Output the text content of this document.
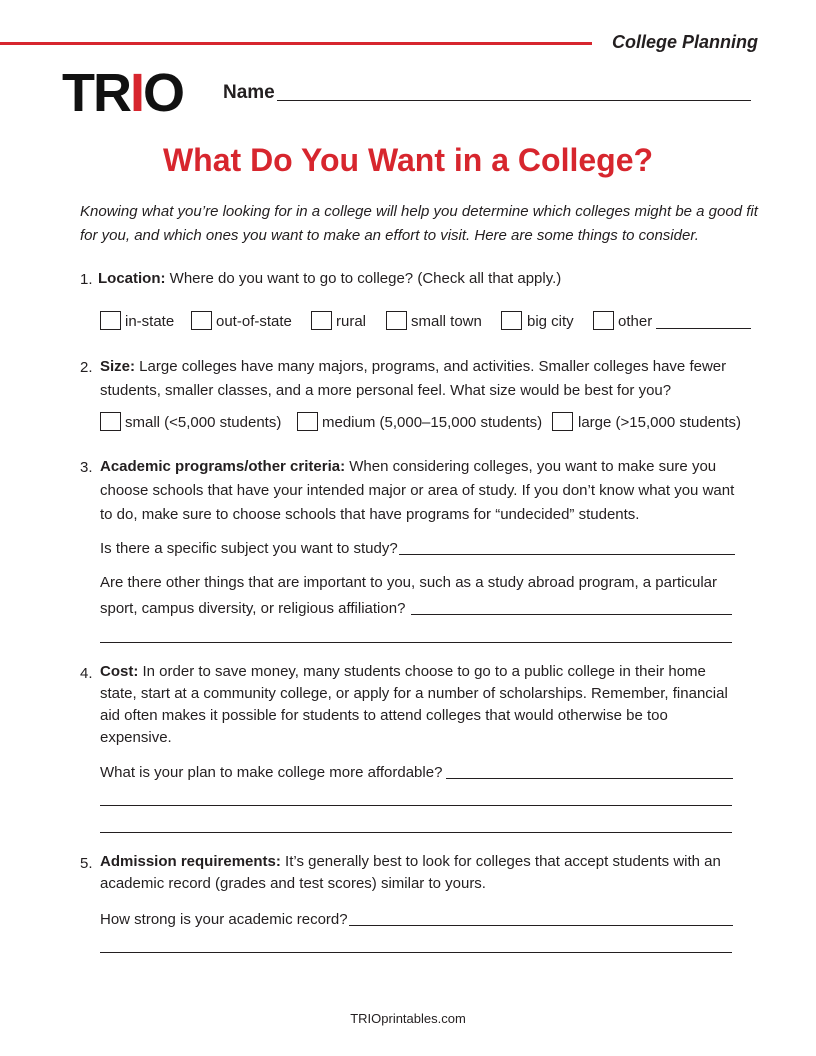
College Planning
TRIO Name
What Do You Want in a College?
Knowing what you’re looking for in a college will help you determine which colleges might be a good fit for you, and which ones you want to make an effort to visit. Here are some things to consider.
1. Location: Where do you want to go to college? (Check all that apply.)
in-state	out-of-state	rural	small town	big city	other
2. Size: Large colleges have many majors, programs, and activities. Smaller colleges have fewer students, smaller classes, and a more personal feel. What size would be best for you?
small (<5,000 students)	medium (5,000–15,000 students) large (>15,000 students)
3. Academic programs/other criteria: When considering colleges, you want to make sure you choose schools that have your intended major or area of study. If you don’t know what you want to do, make sure to choose schools that have programs for “undecided” students.
Is there a specific subject you want to study?
Are there other things that are important to you, such as a study abroad program, a particular
sport, campus diversity, or religious affiliation?
4. Cost: In order to save money, many students choose to go to a public college in their home state, start at a community college, or apply for a number of scholarships. Remember, financial aid often makes it possible for students to attend colleges that would otherwise be too expensive.
What is your plan to make college more affordable?
5. Admission requirements: It’s generally best to look for colleges that accept students with an academic record (grades and test scores) similar to yours.
How strong is your academic record?
TRIOprintables.com
